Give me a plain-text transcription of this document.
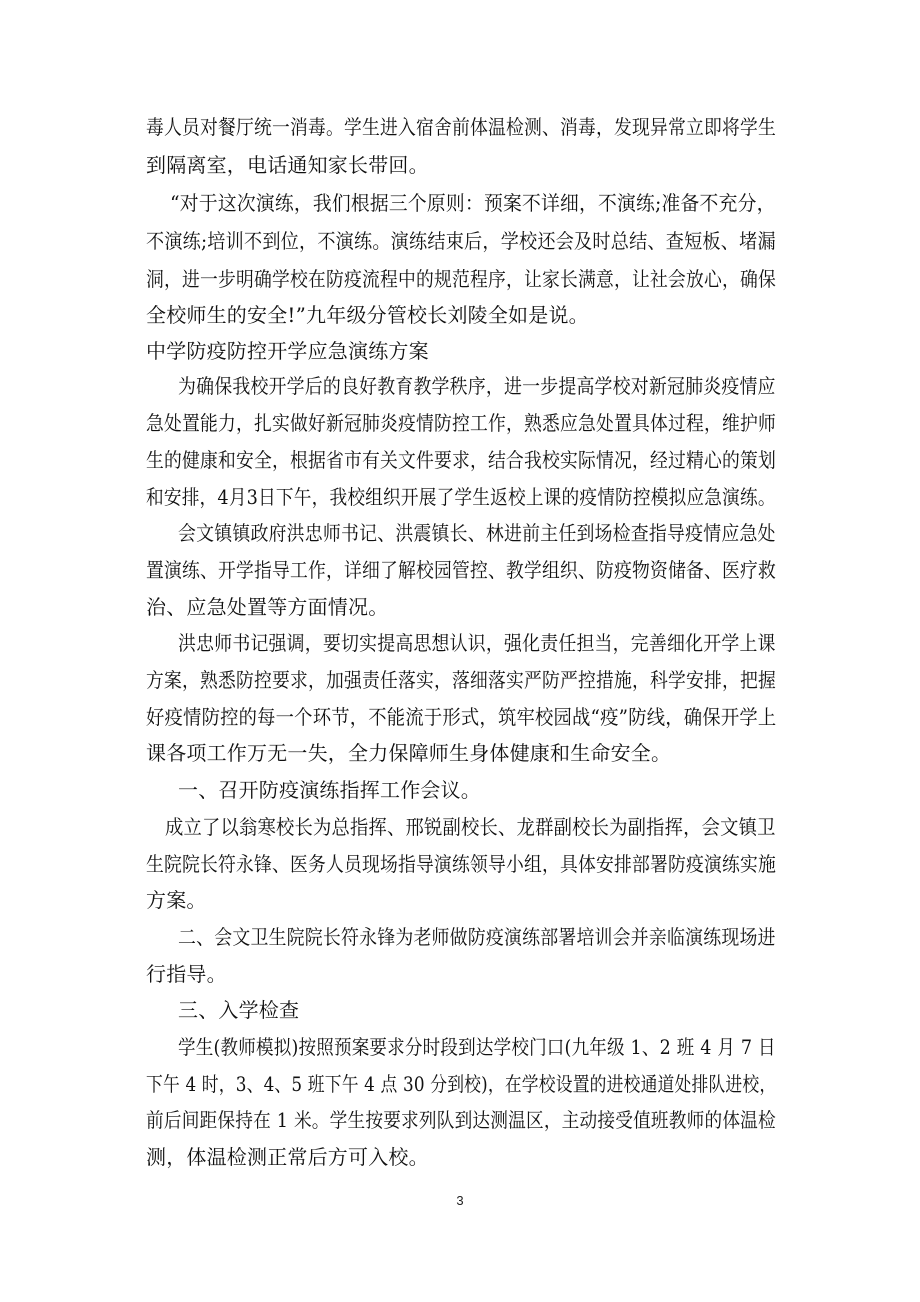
毒人员对餐厅统一消毒。学生进入宿舍前体温检测、消毒，发现异常立即将学生
到隔离室，电话通知家长带回。
“对于这次演练，我们根据三个原则：预案不详细，不演练;准备不充分，
不演练;培训不到位，不演练。演练结束后，学校还会及时总结、查短板、堵漏
洞，进一步明确学校在防疫流程中的规范程序，让家长满意，让社会放心，确保
全校师生的安全!”九年级分管校长刘陵全如是说。
中学防疫防控开学应急演练方案
为确保我校开学后的良好教育教学秩序，进一步提高学校对新冠肺炎疫情应
急处置能力，扎实做好新冠肺炎疫情防控工作，熟悉应急处置具体过程，维护师
生的健康和安全，根据省市有关文件要求，结合我校实际情况，经过精心的策划
和安排，4月3日下午，我校组织开展了学生返校上课的疫情防控模拟应急演练。
会文镇镇政府洪忠师书记、洪震镇长、林进前主任到场检查指导疫情应急处
置演练、开学指导工作，详细了解校园管控、教学组织、防疫物资储备、医疗救
治、应急处置等方面情况。
洪忠师书记强调，要切实提高思想认识，强化责任担当，完善细化开学上课
方案，熟悉防控要求，加强责任落实，落细落实严防严控措施，科学安排，把握
好疫情防控的每一个环节，不能流于形式，筑牢校园战“疫”防线，确保开学上
课各项工作万无一失，全力保障师生身体健康和生命安全。
一、召开防疫演练指挥工作会议。
成立了以翁寒校长为总指挥、邢锐副校长、龙群副校长为副指挥，会文镇卫
生院院长符永锋、医务人员现场指导演练领导小组，具体安排部署防疫演练实施
方案。
二、会文卫生院院长符永锋为老师做防疫演练部署培训会并亲临演练现场进
行指导。
三、入学检查
学生(教师模拟)按照预案要求分时段到达学校门口(九年级 1、2 班 4 月 7 日
下午 4 时，3、4、5 班下午 4 点 30 分到校)，在学校设置的进校通道处排队进校，
前后间距保持在 1 米。学生按要求列队到达测温区，主动接受值班教师的体温检
测，体温检测正常后方可入校。
3
